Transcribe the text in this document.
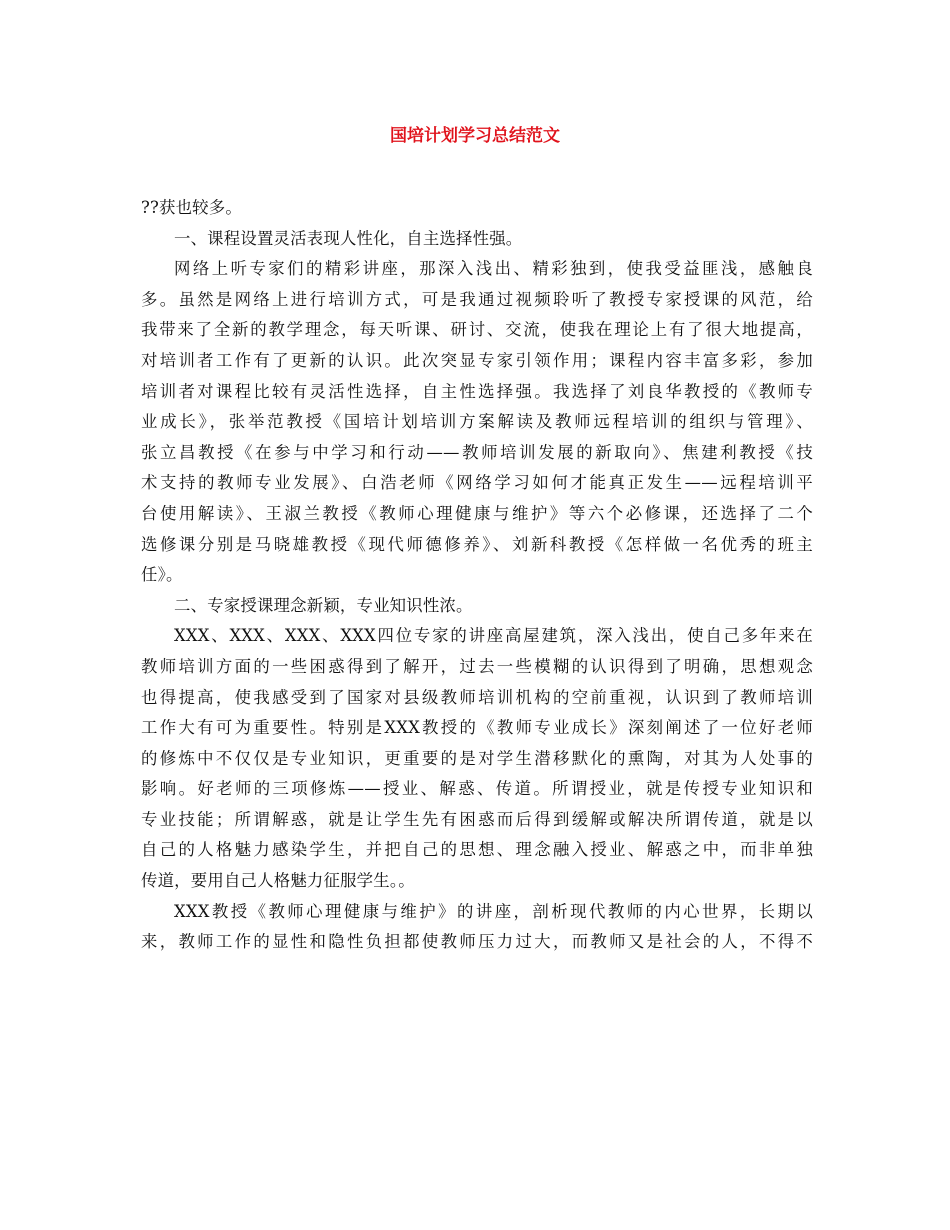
国培计划学习总结范文
??获也较多。
一、课程设置灵活表现人性化，自主选择性强。
网络上听专家们的精彩讲座，那深入浅出、精彩独到，使我受益匪浅，感触良
多。虽然是网络上进行培训方式，可是我通过视频聆听了教授专家授课的风范，给
我带来了全新的教学理念，每天听课、研讨、交流，使我在理论上有了很大地提高，
对培训者工作有了更新的认识。此次突显专家引领作用；课程内容丰富多彩，参加
培训者对课程比较有灵活性选择，自主性选择强。我选择了刘良华教授的《教师专
业成长》，张举范教授《国培计划培训方案解读及教师远程培训的组织与管理》、
张立昌教授《在参与中学习和行动——教师培训发展的新取向》、焦建利教授《技
术支持的教师专业发展》、白浩老师《网络学习如何才能真正发生——远程培训平
台使用解读》、王淑兰教授《教师心理健康与维护》等六个必修课，还选择了二个
选修课分别是马晓雄教授《现代师德修养》、刘新科教授《怎样做一名优秀的班主
任》。
二、专家授课理念新颖，专业知识性浓。
XXX、XXX、XXX、XXX四位专家的讲座高屋建筑，深入浅出，使自己多年来在
教师培训方面的一些困惑得到了解开，过去一些模糊的认识得到了明确，思想观念
也得提高，使我感受到了国家对县级教师培训机构的空前重视，认识到了教师培训
工作大有可为重要性。特别是XXX教授的《教师专业成长》深刻阐述了一位好老师
的修炼中不仅仅是专业知识，更重要的是对学生潜移默化的熏陶，对其为人处事的
影响。好老师的三项修炼——授业、解惑、传道。所谓授业，就是传授专业知识和
专业技能；所谓解惑，就是让学生先有困惑而后得到缓解或解决所谓传道，就是以
自己的人格魅力感染学生，并把自己的思想、理念融入授业、解惑之中，而非单独
传道，要用自己人格魅力征服学生。。
XXX教授《教师心理健康与维护》的讲座，剖析现代教师的内心世界，长期以
来，教师工作的显性和隐性负担都使教师压力过大，而教师又是社会的人，不得不
